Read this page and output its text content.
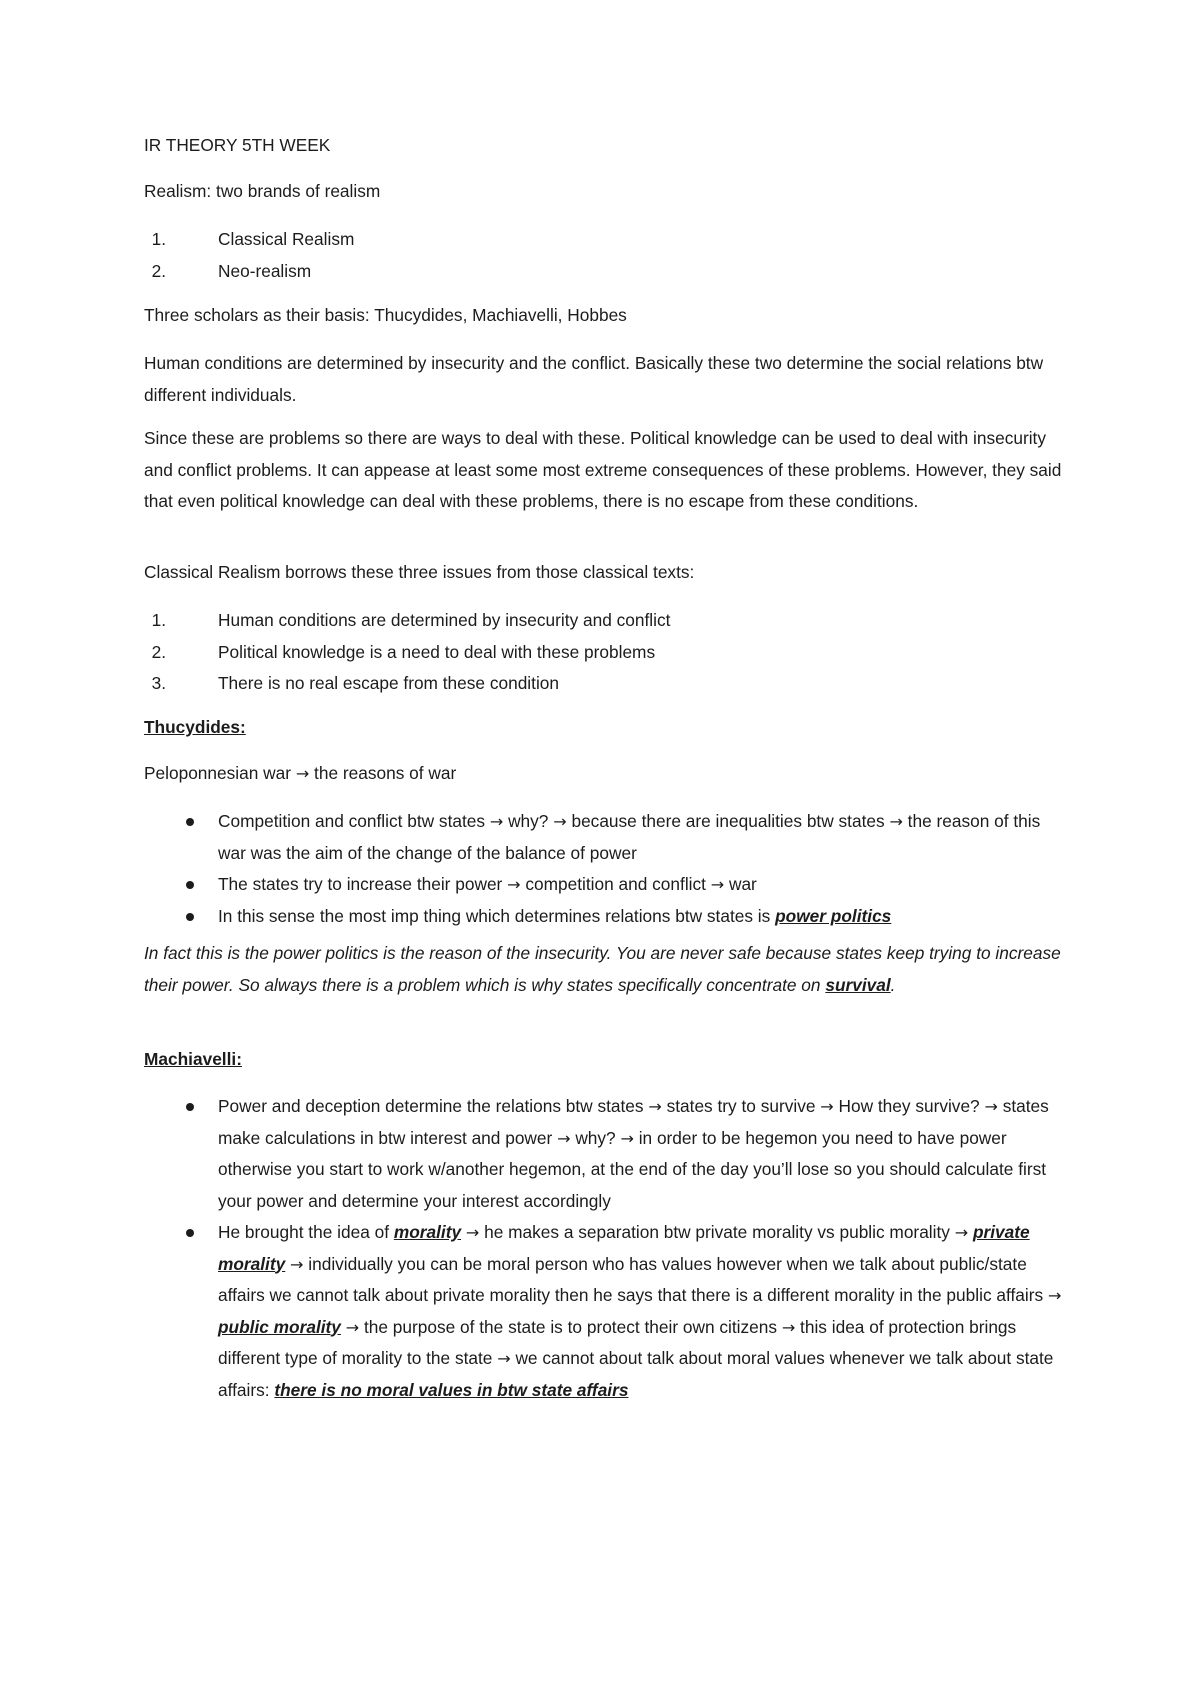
IR THEORY 5TH WEEK

Realism: two brands of realism

1.	Classical Realism
2.	Neo-realism

Three scholars as their basis: Thucydides, Machiavelli, Hobbes

Human conditions are determined by insecurity and the conflict. Basically these two determine the social relations btw different individuals.

Since these are problems so there are ways to deal with these. Political knowledge can be used to deal with insecurity and conflict problems. It can appease at least some most extreme consequences of these problems. However, they said that even political knowledge can deal with these problems, there is no escape from these conditions.

Classical Realism borrows these three issues from those classical texts:

1.	Human conditions are determined by insecurity and conflict
2.	Political knowledge is a need to deal with these problems
3.	There is no real escape from these condition

Thucydides:

Peloponnesian war → the reasons of war

Competition and conflict btw states → why? → because there are inequalities btw states → the reason of this war was the aim of the change of the balance of power
The states try to increase their power → competition and conflict → war
In this sense the most imp thing which determines relations btw states is power politics

In fact this is the power politics is the reason of the insecurity. You are never safe because states keep trying to increase their power. So always there is a problem which is why states specifically concentrate on survival.

Machiavelli:

Power and deception determine the relations btw states → states try to survive → How they survive? → states make calculations in btw interest and power → why? → in order to be hegemon you need to have power otherwise you start to work w/another hegemon, at the end of the day you’ll lose so you should calculate first your power and determine your interest accordingly
He brought the idea of morality → he makes a separation btw private morality vs public morality → private morality → individually you can be moral person who has values however when we talk about public/state affairs we cannot talk about private morality then he says that there is a different morality in the public affairs → public morality → the purpose of the state is to protect their own citizens → this idea of protection brings different type of morality to the state → we cannot about talk about moral values whenever we talk about state affairs: there is no moral values in btw state affairs
